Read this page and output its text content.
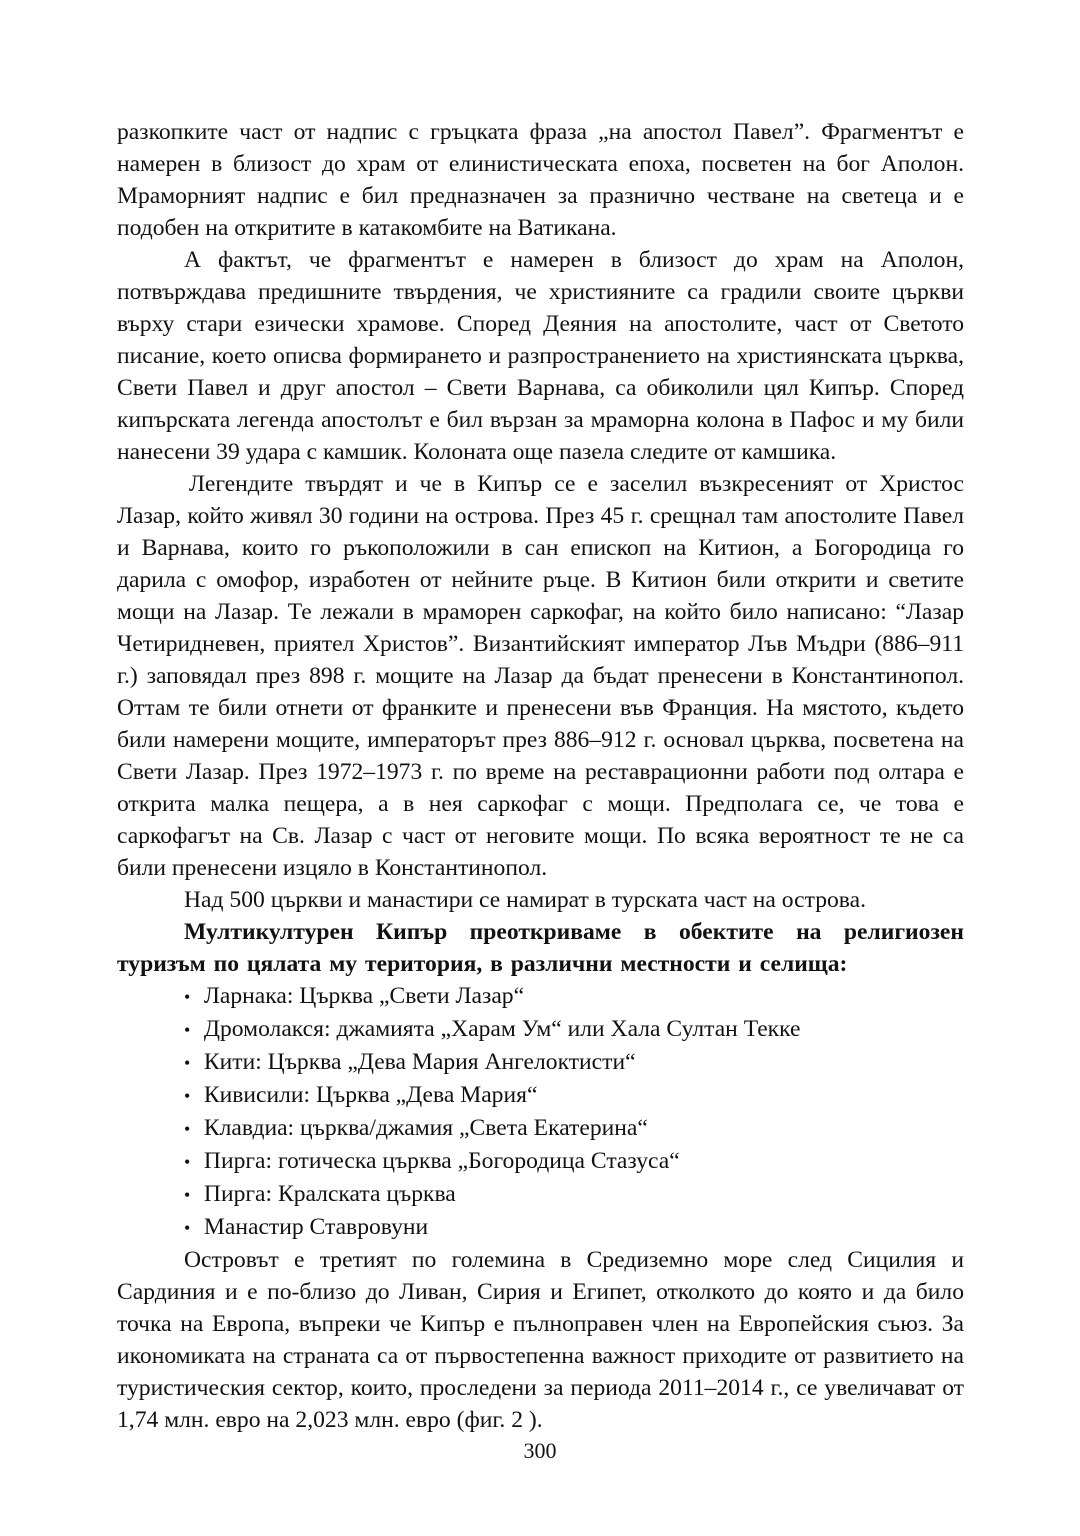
разкопките част от надпис с гръцката фраза „на апостол Павел”. Фрагментът е намерен в близост до храм от елинистическата епоха, посветен на бог Аполон. Мраморният надпис е бил предназначен за празнично честване на светеца и е подобен на откритите в катакомбите на Ватикана.

А фактът, че фрагментът е намерен в близост до храм на Аполон, потвърждава предишните твърдения, че християните са градили своите църкви върху стари езически храмове. Според Деяния на апостолите, част от Светото писание, което описва формирането и разпространението на християнската църква, Свети Павел и друг апостол – Свети Варнава, са обиколили цял Кипър. Според кипърската легенда апостолът е бил вързан за мраморна колона в Пафос и му били нанесени 39 удара с камшик. Колоната още пазела следите от камшика.

Легендите твърдят и че в Кипър се е заселил възкресеният от Христос Лазар, който живял 30 години на острова. През 45 г. срещнал там апостолите Павел и Варнава, които го ръкоположили в сан епископ на Китион, а Богородица го дарила с омофор, изработен от нейните ръце. В Китион били открити и светите мощи на Лазар. Те лежали в мраморен саркофаг, на който било написано: “Лазар Четиридневен, приятел Христов”. Византийският император Лъв Мъдри (886–911 г.) заповядал през 898 г. мощите на Лазар да бъдат пренесени в Константинопол. Оттам те били отнети от франките и пренесени във Франция. На мястото, където били намерени мощите, императорът през 886–912 г. основал църква, посветена на Свети Лазар. През 1972–1973 г. по време на реставрационни работи под олтара е открита малка пещера, а в нея саркофаг с мощи. Предполага се, че това е саркофагът на Св. Лазар с част от неговите мощи. По всяка вероятност те не са били пренесени изцяло в Константинопол.

Над 500 църкви и манастири се намират в турската част на острова.

Мултикултурен Кипър преоткриваме в обектите на религиозен туризъм по цялата му територия, в различни местности и селища:

• Ларнака: Църква „Свети Лазар“
• Дромолакся: джамията „Харам Ум“ или Хала Султан Текке
• Кити: Църква „Дева Мария Ангелоктисти“
• Кивисили: Църква „Дева Мария“
• Клавдиа: църква/джамия „Света Екатерина“
• Пирга: готическа църква „Богородица Стазуса“
• Пирга: Кралската църква
• Манастир Ставровуни

Островът е третият по големина в Средиземно море след Сицилия и Сардиния и е по-близо до Ливан, Сирия и Египет, отколкото до която и да било точка на Европа, въпреки че Кипър е пълноправен член на Европейския съюз. За икономиката на страната са от първостепенна важност приходите от развитието на туристическия сектор, които, проследени за периода 2011–2014 г., се увеличават от 1,74 млн. евро на 2,023 млн. евро (фиг. 2 ).

300
